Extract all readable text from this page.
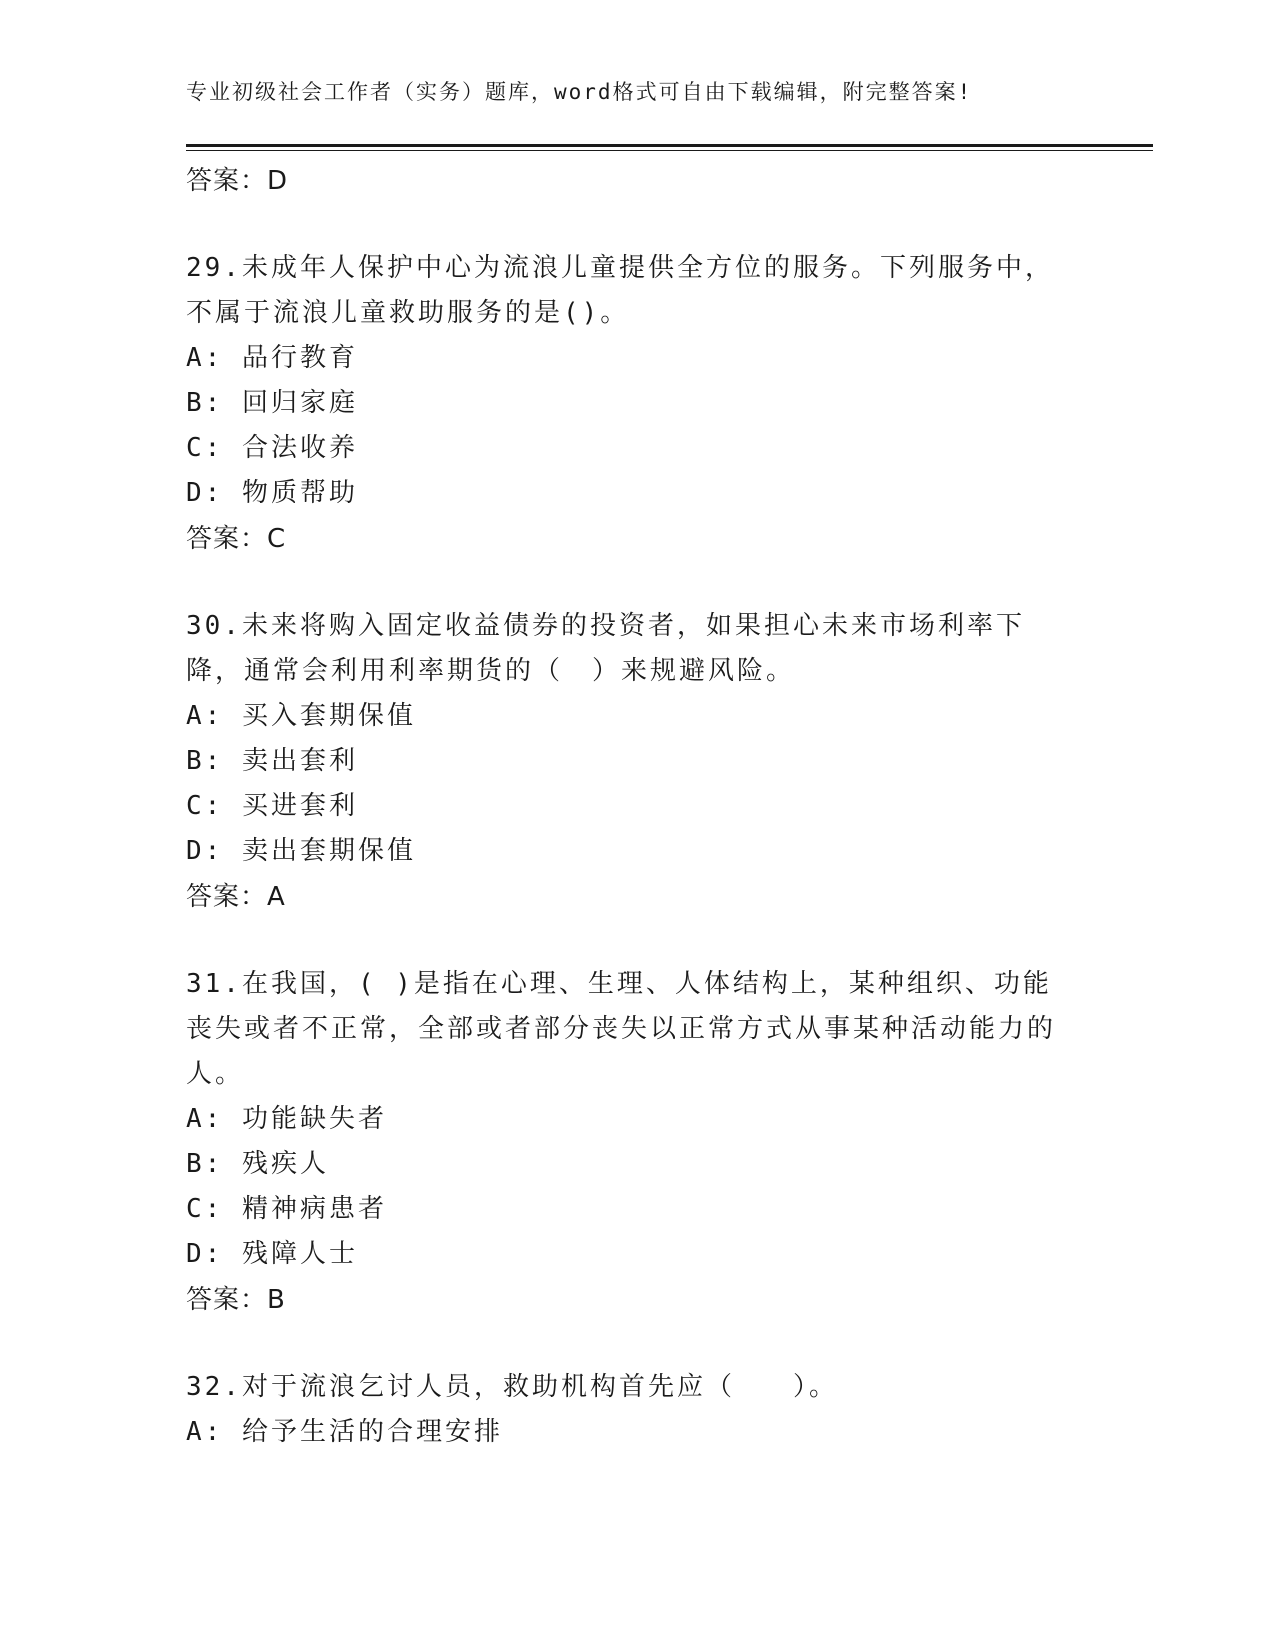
专业初级社会工作者（实务）题库，word格式可自由下载编辑，附完整答案!
答案：D
29.未成年人保护中心为流浪儿童提供全方位的服务。下列服务中，不属于流浪儿童救助服务的是()。
A: 品行教育
B: 回归家庭
C: 合法收养
D: 物质帮助
答案：C
30.未来将购入固定收益债券的投资者，如果担心未来市场利率下降，通常会利用利率期货的（　）来规避风险。
A: 买入套期保值
B: 卖出套利
C: 买进套利
D: 卖出套期保值
答案：A
31.在我国，( )是指在心理、生理、人体结构上，某种组织、功能丧失或者不正常，全部或者部分丧失以正常方式从事某种活动能力的人。
A: 功能缺失者
B: 残疾人
C: 精神病患者
D: 残障人士
答案：B
32.对于流浪乞讨人员，救助机构首先应（　　）。
A: 给予生活的合理安排
